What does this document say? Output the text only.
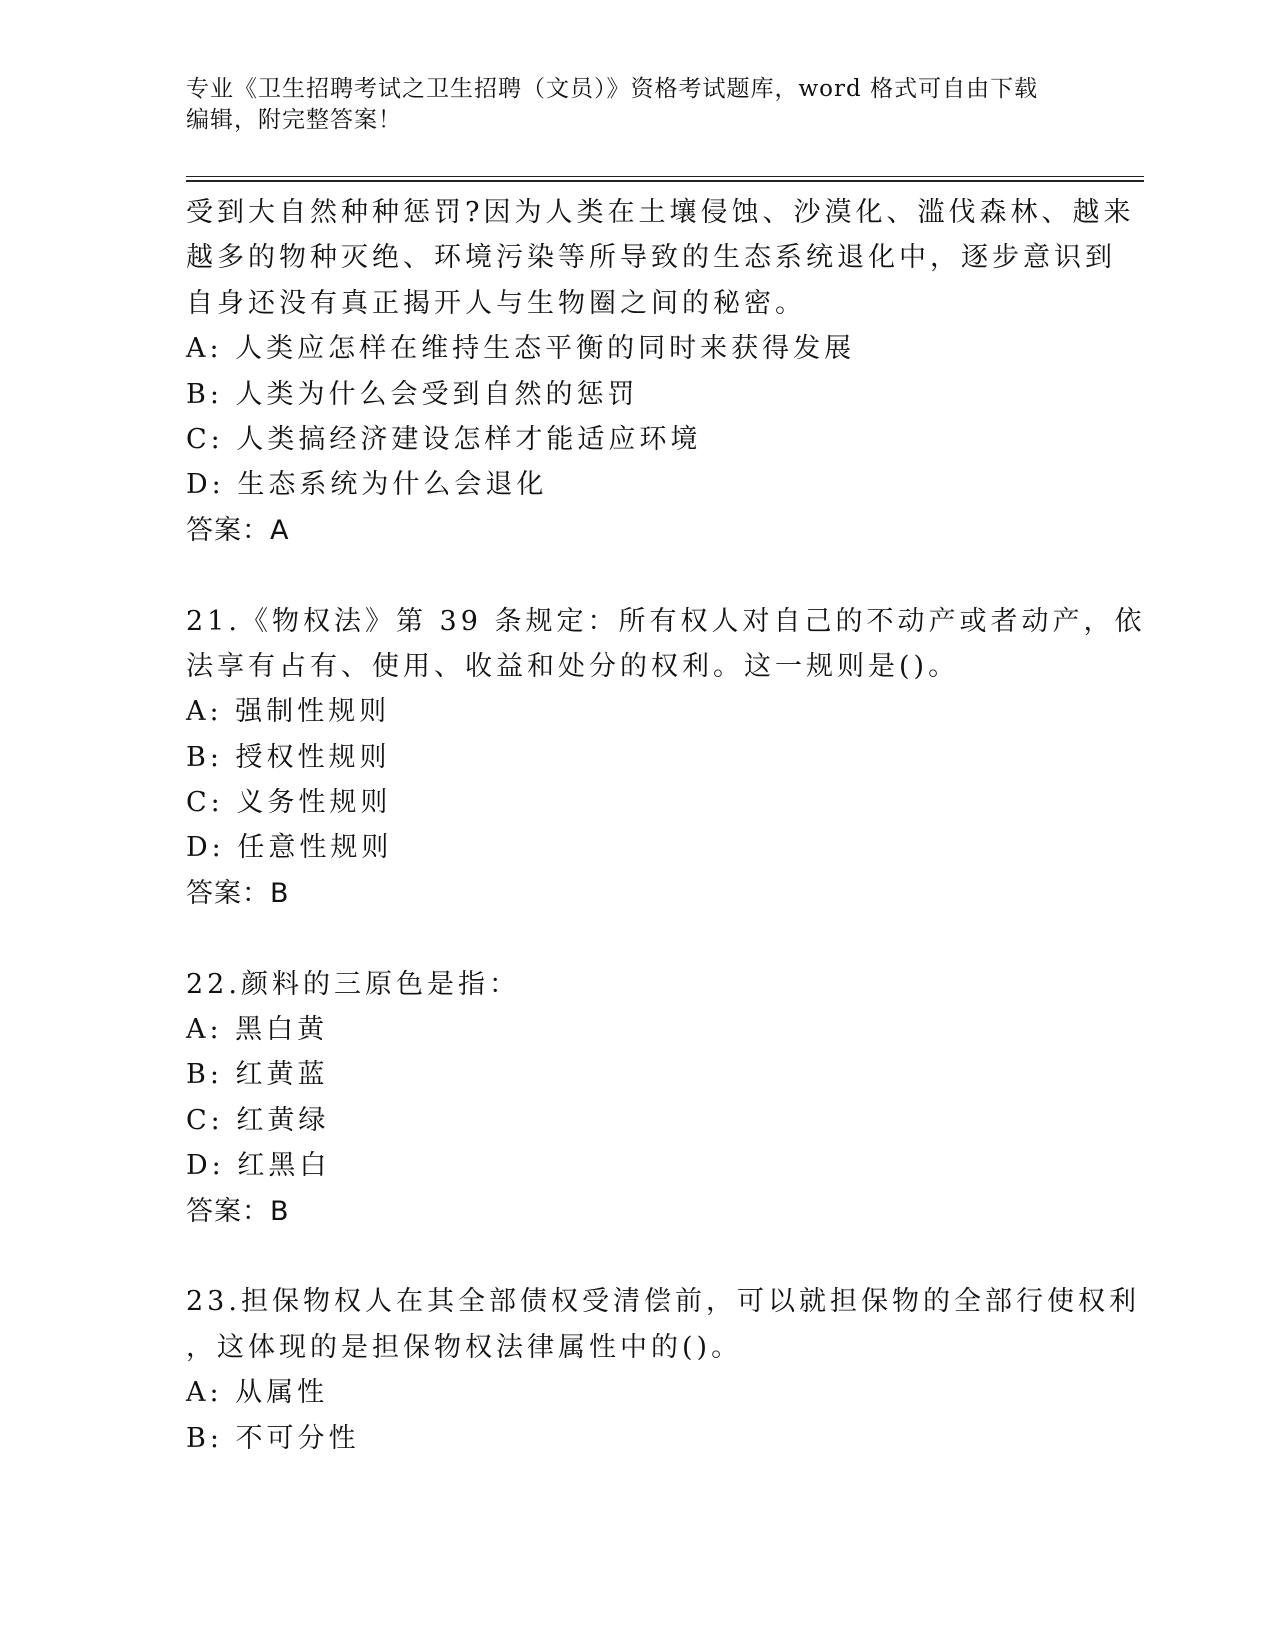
专业《卫生招聘考试之卫生招聘（文员）》资格考试题库，word 格式可自由下载
编辑，附完整答案！
受到大自然种种惩罚?因为人类在土壤侵蚀、沙漠化、滥伐森林、越来
越多的物种灭绝、环境污染等所导致的生态系统退化中，逐步意识到
自身还没有真正揭开人与生物圈之间的秘密。
A: 人类应怎样在维持生态平衡的同时来获得发展
B: 人类为什么会受到自然的惩罚
C: 人类搞经济建设怎样才能适应环境
D: 生态系统为什么会退化
答案：A
21.《物权法》第 39 条规定：所有权人对自己的不动产或者动产，依
法享有占有、使用、收益和处分的权利。这一规则是()。
A: 强制性规则
B: 授权性规则
C: 义务性规则
D: 任意性规则
答案：B
22.颜料的三原色是指：
A: 黑白黄
B: 红黄蓝
C: 红黄绿
D: 红黑白
答案：B
23.担保物权人在其全部债权受清偿前，可以就担保物的全部行使权利
，这体现的是担保物权法律属性中的()。
A: 从属性
B: 不可分性
